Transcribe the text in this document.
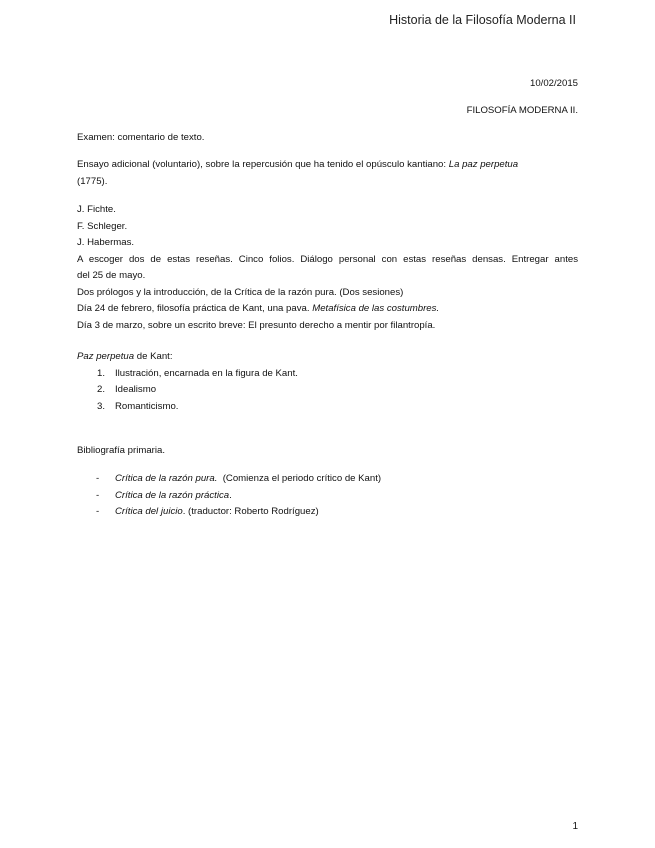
Historia de la Filosofía Moderna II
10/02/2015
FILOSOFÍA MODERNA II.
Examen: comentario de texto.
Ensayo adicional (voluntario), sobre la repercusión que ha tenido el opúsculo kantiano: La paz perpetua
(1775).
J. Fichte.
F. Schleger.
J. Habermas.
A escoger dos de estas reseñas. Cinco folios. Diálogo personal con estas reseñas densas. Entregar antes
del 25 de mayo.
Dos prólogos y la introducción, de la Crítica de la razón pura. (Dos sesiones)
Día 24 de febrero, filosofía práctica de Kant, una pava. Metafísica de las costumbres.
Día 3 de marzo, sobre un escrito breve: El presunto derecho a mentir por filantropía.
Paz perpetua de Kant:
1.	Ilustración, encarnada en la figura de Kant.
2.	Idealismo
3.	Romanticismo.
Bibliografía primaria.
- Crítica de la razón pura.  (Comienza el periodo crítico de Kant)
- Crítica de la razón práctica.
- Crítica del juicio. (traductor: Roberto Rodríguez)
1
